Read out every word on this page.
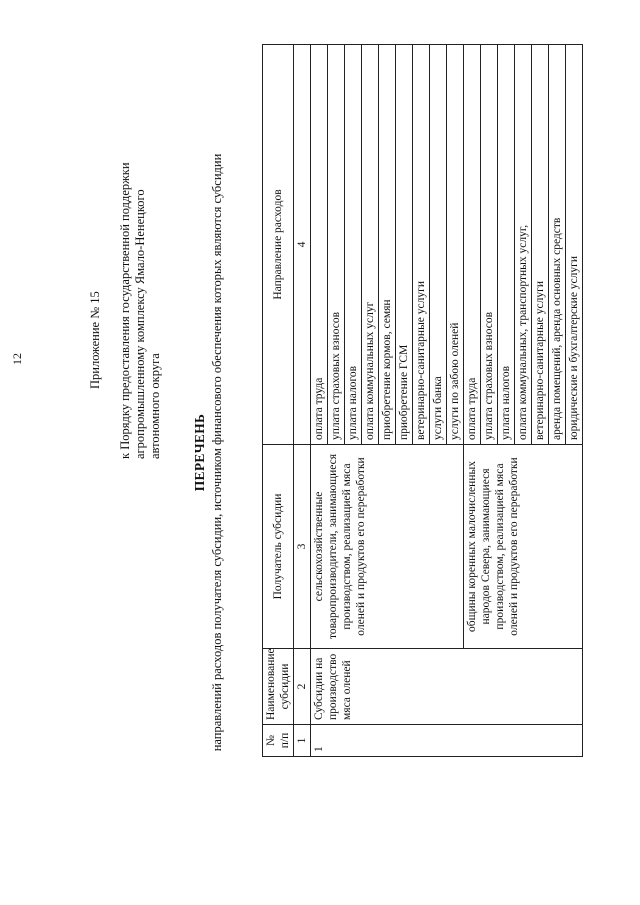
12	Приложение № 15 к Порядку предоставления государственной поддержки агропромышленному комплексу Ямало-Ненецкого автономного округа ПЕРЕЧЕНЬ направлений расходов получателя субсидии, источником финансового обеспечения которых являются субсидии	№ п/п	Наименование субсидии	Получатель субсидии	Направление расходов
1	2	3	4
1	Субсидии на производство мяса оленей	сельскохозяйственные товаропроизводители, занимающиеся производством, реализацией мяса оленей и продуктов его переработки	оплата труда
			уплата страховых взносов
			уплата налогов
			оплата коммунальных услуг
			приобретение кормов, семян
			приобретение ГСМ
			ветеринарно-санитарные услуги
			услуги банка
			услуги по забою оленей
		общины коренных малочисленных народов Севера, занимающиеся производством, реализацией мяса оленей и продуктов его переработки	оплата труда
			уплата страховых взносов
			уплата налогов
			оплата коммунальных, транспортных услуг,
			ветеринарно-санитарные услуги
			аренда помещений, аренда основных средств
			юридические и бухгалтерские услуги
